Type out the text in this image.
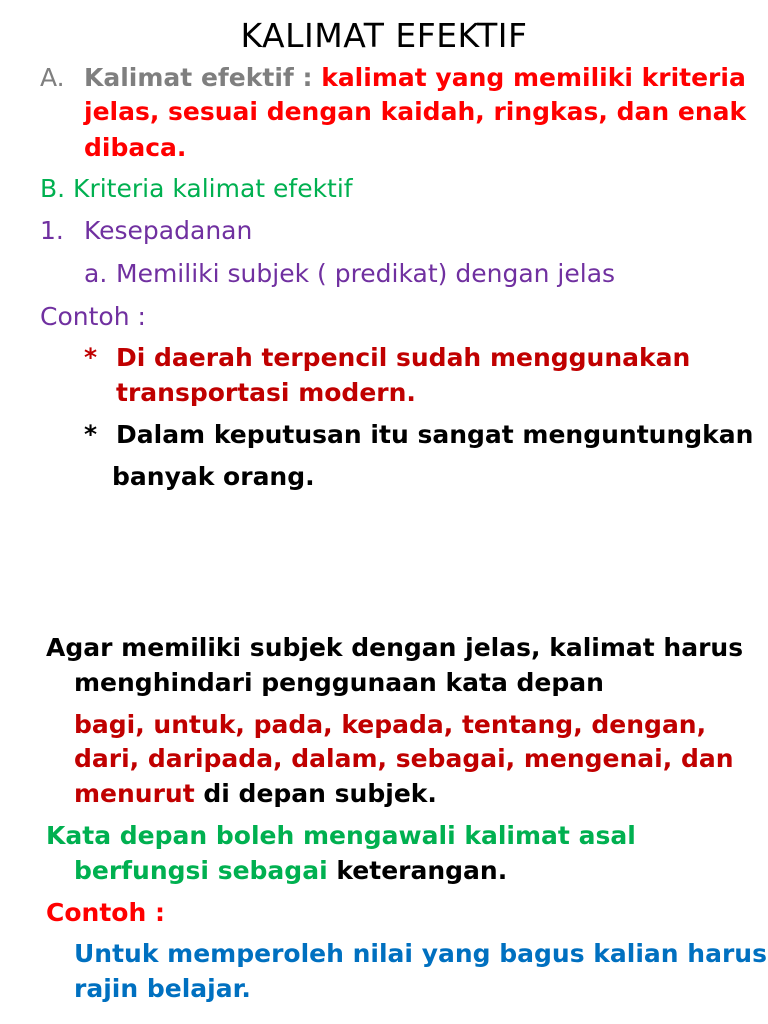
KALIMAT EFEKTIF
A. Kalimat efektif : kalimat yang memiliki kriteria
jelas, sesuai dengan kaidah, ringkas, dan enak
dibaca.
B. Kriteria kalimat efektif
1. Kesepadanan
a. Memiliki subjek ( predikat) dengan jelas
Contoh :
* Di daerah terpencil sudah menggunakan
transportasi modern.
* Dalam keputusan itu sangat menguntungkan
banyak orang.
Agar memiliki subjek dengan jelas, kalimat harus
menghindari penggunaan kata depan
bagi, untuk, pada, kepada, tentang, dengan,
dari, daripada, dalam, sebagai, mengenai, dan
menurut di depan subjek.
Kata depan boleh mengawali kalimat asal
berfungsi sebagai keterangan.
Contoh :
Untuk memperoleh nilai yang bagus kalian harus
rajin belajar.
